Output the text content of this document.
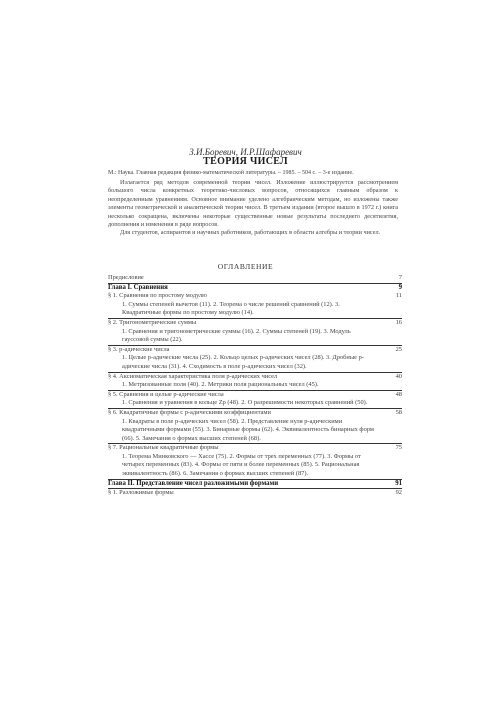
З.И.Боревич, И.Р.Шафаревич
ТЕОРИЯ ЧИСЕЛ
М.: Наука. Главная редакция физико-математической литературы. – 1985. – 504 с. – 3-е издание.

Излагается ряд методов современной теории чисел. Изложение иллюстрируется рассмотрением большого числа конкретных теоретико-числовых вопросов, относящихся главным образом к неопределенным уравнениям. Основное внимание уделено алгебраическим методам, но изложены также элементы геометрической и аналитической теории чисел. В третьем издании (второе вышло в 1972 г.) книга несколько сокращена, включены некоторые существенные новые результаты последнего десятилетия, дополнения и изменения в ряде вопросов.

Для студентов, аспирантов и научных работников, работающих в области алгебры и теории чисел.

ОГЛАВЛЕНИЕ
Предисловие	7
Глава I. Сравнения	9
§ 1. Сравнения по простому модулю	11
1. Суммы степеней вычетов (11). 2. Теорема о числе решений сравнений (12). 3. Квадратичные формы по простому модулю (14).
§ 2. Тригонометрические суммы	16
1. Сравнения и тригонометрические суммы (16). 2. Суммы степеней (19). 3. Модуль гауссовой суммы (22).
§ 3. p-адические числа	25
1. Целые p-адические числа (25). 2. Кольцо целых p-адических чисел (28). 3. Дробные p-адические числа (31). 4. Сходимость в поле p-адических чисел (32).
§ 4. Аксиоматическая характеристика поля p-адических чисел	40
1. Метризованные поля (40). 2. Метрики поля рациональных чисел (45).
§ 5. Сравнения и целые p-адические числа	48
1. Сравнения и уравнения в кольце Zp (48). 2. О разрешимости некоторых сравнений (50).
§ 6. Квадратичные формы с p-адическими коэффициентами	58
1. Квадраты в поле p-адических чисел (58). 2. Представление нуля p-адическими квадратичными формами (55). 3. Бинарные формы (62). 4. Эквивалентность бинарных форм (66). 5. Замечания о формах высших степеней (68).
§ 7. Рациональные квадратичные формы	75
1. Теорема Минковского — Хассе (75). 2. Формы от трех переменных (77). 3. Формы от четырех переменных (83). 4. Формы от пяти и более переменных (85). 5. Рациональная эквивалентность (86). 6. Замечания о формах высших степеней (87).
Глава II. Представление чисел разложимыми формами	91
§ 1. Разложимые формы	92
